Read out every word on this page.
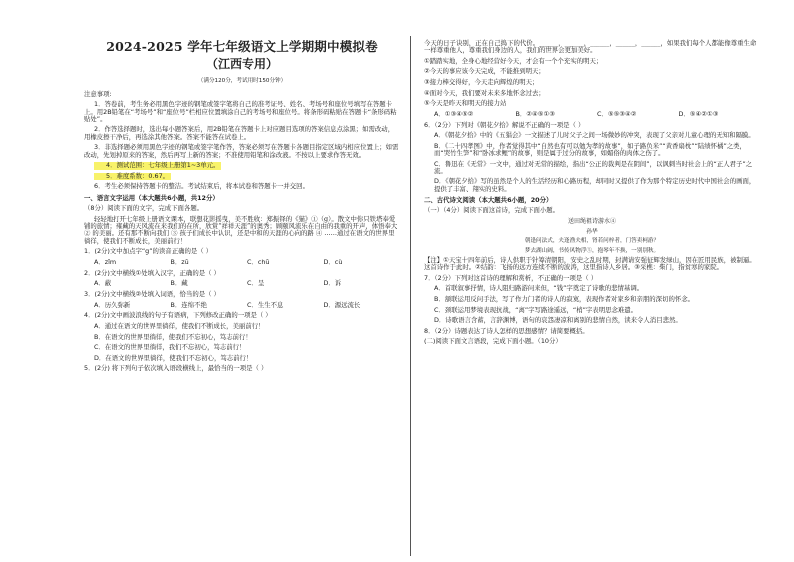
2024-2025 学年七年级语文上学期期中模拟卷
（江西专用）
（满分120分，考试用时150分钟）
注意事项:
1．答卷前，考生务必用黑色字迹的钢笔或签字笔将自己的准考证号、姓名、考场号和座位号填写在答题卡上。用2B铅笔在“考场号”和“座位号”栏相应位置填涂自己的考场号和座位号。将条形码粘贴在答题卡“条形码粘贴处”。
2．作答选择题时，选出每小题答案后，用2B铅笔在答题卡上对应题目选项的答案信息点涂黑；如需改动，用橡皮擦干净后，再选涂其他答案。答案不能答在试卷上。
3．非选择题必须用黑色字迹的钢笔或签字笔作答，答案必须写在答题卡各题目指定区域内相应位置上；如需改动，先划掉原来的答案，然后再写上新的答案；不准使用铅笔和涂改液。不按以上要求作答无效。
4．测试范围：七年级上册第1~3单元。
5．难度系数：0.67。
6．考生必须保持答题卡的整洁。考试结束后，将本试卷和答题卡一并交回。
一、语言文字运用（本大题共6小题，共12分）
（8分）阅读下面的文字，完成下面各题。
轻轻地打开七年级上册语文课本，联想花影摇曳，美不胜收：郑振铎的《猫》①（g）。散文中你只铁塔奉爱铺的旅情；雍藏的天风流在来我们的在所，欣赏“祥祥天涯”的奥秀；顾颐风流乐在自由的我重的开声，体悟奉大 ② 的美丽。还有那不断向我们 ③ 孩子们成长中认识，还是中和的天涯的心向的路 ④ ……通过在语文的世界里徜徉，使我们不断成长，美丽前行！
1．(2分)文中加点字“g”的读音正确的是（ ）
A．zǐm	B．zū	C．chū	D．cù
2．(2分)文中横线①处填入汉字，正确的是（ ）
A．蔽	B．藏	C．呈	D．诉
3．(2分)文中横线②处填入词语，恰当的是（ ）
A．历久弥新	B．连绵不绝	C．生生不息	D．源远流长
4．(2分)文中画波浪线的句子有语病，下列修改正确的一项是（ ）
A．通过在语文的世界里徜徉，使我们不断成长，美丽前行！
B．在语文的世界里徜徉，使我们不忘初心，笃志前行！
C．在语文的世界里徜徉，我们不忘初心，笃志前行！
D．在语文的世界里徜徉，使我们不忘初心，笃志前行！
5．(2分) 将下列句子依次填入语段横线上，最恰当的一项是（ ）
今天的日子诀别，正在自己捣下的代价。______，______，______，______，______，如果我们每个人都能像尊重生命一样尊重他人，尊重我们身边的人，我们的世界会更加美好。
①踏踏实地，全身心地经营好今天，才会有一个个充实的明天；
②今天的事应该今天完成，不能推到明天；
③接力棒交得好，今天走向辉煌的明天；
④面对今天，我们要对未来多地怀念过去；
⑤今天是昨天和明天的接力站
A．①③④⑤②	B．②④⑤①③	C．⑤⑤③④②	D．⑤④②①③
6．（2分）下列对《朝花夕拾》解说不正确的一项是（ ）
A．《朝花夕拾》中的《五猖会》一文描述了儿时父子之间一场微妙的冲突，表现了父亲对儿童心理的无知和隔膜。
B．《二十四孝图》中，作者觉得其中“自然也有可以勉为孝的故事”，如子路负米”“黄香扇枕”“陆绩怀橘”之类，而“哭竹生笋”和“卧冰求鲤”的故事，则是属于过分的故事，如媚俗的肉体之伤了。
C．鲁迅在《无常》一文中，通过对无常的描绘，指出“公正的裁判是在阴间”，以讽刺当时社会上的“正人君子”之流。
D．《朝花夕拾》写的虽然是个人的生活经历和心路历程，却同时又提供了作为那个特定历史时代中国社会的画面，提供了丰富、翔实的史料。
二、古代诗文阅读（本大题共6小题，20分）
（一）（4分）阅读下面这首诗，完成下面小题。
送田绳祖诗游水④
孙华
朝逢问法式，夫逢渔夫相，肾若问梓者，门答卖柯游？
梦去湖山阔，书传风物浮⑤，抱琴年不换，一别别秋。
【注】①天宝十四年前后，诗人供职于针筹清朝阳，安史之乱时期，封满请安强征辉发绿山，因在匠用民族，被制逼。这首诗作于此时。②结韵：飞扬的远方连续不断的波涛，这里指诗人乡居。③采樵：柴门，指贫寒的家院。
7．（2分）下列对这首诗的理解和赏析，不正确的一项是（ ）
A．首联叙事抒情，诗人阻归路游问来但，“钱”字奠定了诗歌的悲情基调。
B．颔联运用反问手法，写了作力门者的诗人的寂寞，表现作者对家乡和亲朋的深切的怀念。
C．颈联运用梦境表现抗战，“离”字写路途遥远，“梢”字表明思念难遣。
D．诗歌语言含蓄，言辞渊博，语句的哀怨凄凉和离别的悲情自然，读来令人消目悲然。
8．（2分）诗题表达了诗人怎样的思想感情？请简要概括。
(二)阅读下面文言语段，完成下面小题。（10分）
